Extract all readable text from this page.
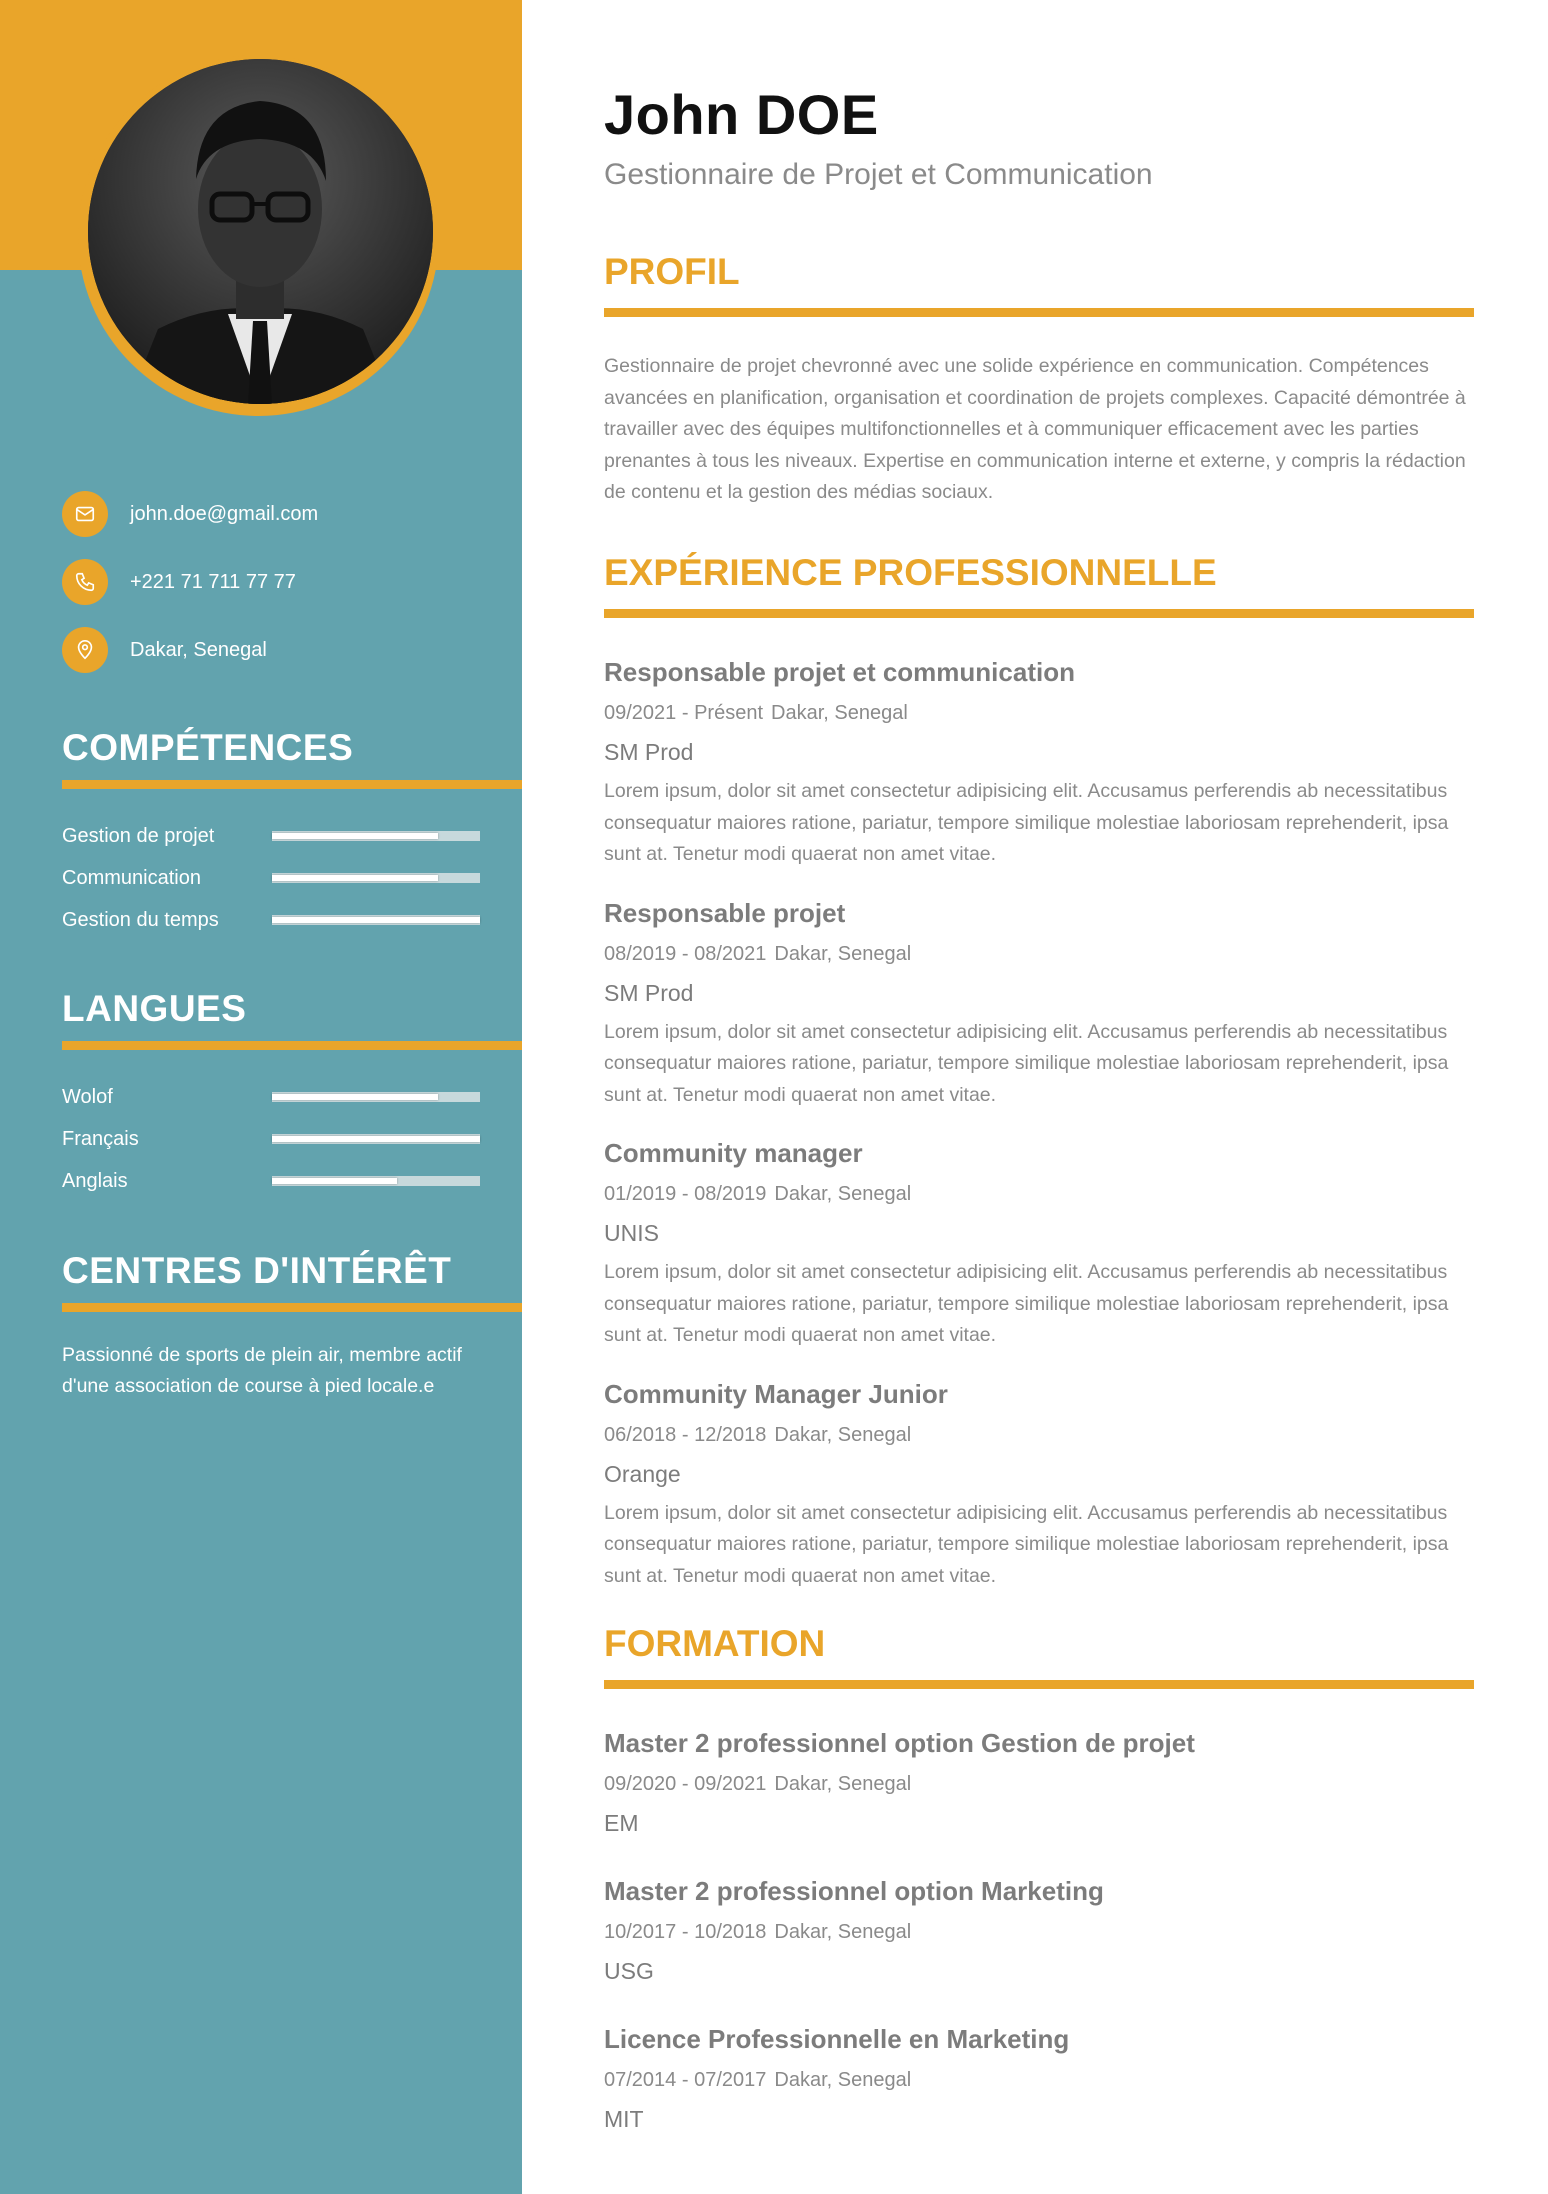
john.doe@gmail.com
+221 71 711 77 77
Dakar, Senegal
COMPÉTENCES
Gestion de projet
Communication
Gestion du temps
LANGUES
Wolof
Français
Anglais
CENTRES D'INTÉRÊT
Passionné de sports de plein air, membre actif d'une association de course à pied locale.e
John DOE

Gestionnaire de Projet et Communication

PROFIL
Gestionnaire de projet chevronné avec une solide expérience en communication. Compétences avancées en planification, organisation et coordination de projets complexes. Capacité démontrée à travailler avec des équipes multifonctionnelles et à communiquer efficacement avec les parties prenantes à tous les niveaux. Expertise en communication interne et externe, y compris la rédaction de contenu et la gestion des médias sociaux.
EXPÉRIENCE PROFESSIONNELLE
Responsable projet et communication
09/2021 - Présent Dakar, Senegal
SM Prod
Lorem ipsum, dolor sit amet consectetur adipisicing elit. Accusamus perferendis ab necessitatibus consequatur maiores ratione, pariatur, tempore similique molestiae laboriosam reprehenderit, ipsa sunt at. Tenetur modi quaerat non amet vitae.
Responsable projet
08/2019 - 08/2021 Dakar, Senegal
SM Prod
Lorem ipsum, dolor sit amet consectetur adipisicing elit. Accusamus perferendis ab necessitatibus consequatur maiores ratione, pariatur, tempore similique molestiae laboriosam reprehenderit, ipsa sunt at. Tenetur modi quaerat non amet vitae.
Community manager
01/2019 - 08/2019 Dakar, Senegal
UNIS
Lorem ipsum, dolor sit amet consectetur adipisicing elit. Accusamus perferendis ab necessitatibus consequatur maiores ratione, pariatur, tempore similique molestiae laboriosam reprehenderit, ipsa sunt at. Tenetur modi quaerat non amet vitae.
Community Manager Junior
06/2018 - 12/2018 Dakar, Senegal
Orange
Lorem ipsum, dolor sit amet consectetur adipisicing elit. Accusamus perferendis ab necessitatibus consequatur maiores ratione, pariatur, tempore similique molestiae laboriosam reprehenderit, ipsa sunt at. Tenetur modi quaerat non amet vitae.
FORMATION
Master 2 professionnel option Gestion de projet
09/2020 - 09/2021 Dakar, Senegal
EM
Master 2 professionnel option Marketing
10/2017 - 10/2018 Dakar, Senegal
USG
Licence Professionnelle en Marketing
07/2014 - 07/2017 Dakar, Senegal
MIT
